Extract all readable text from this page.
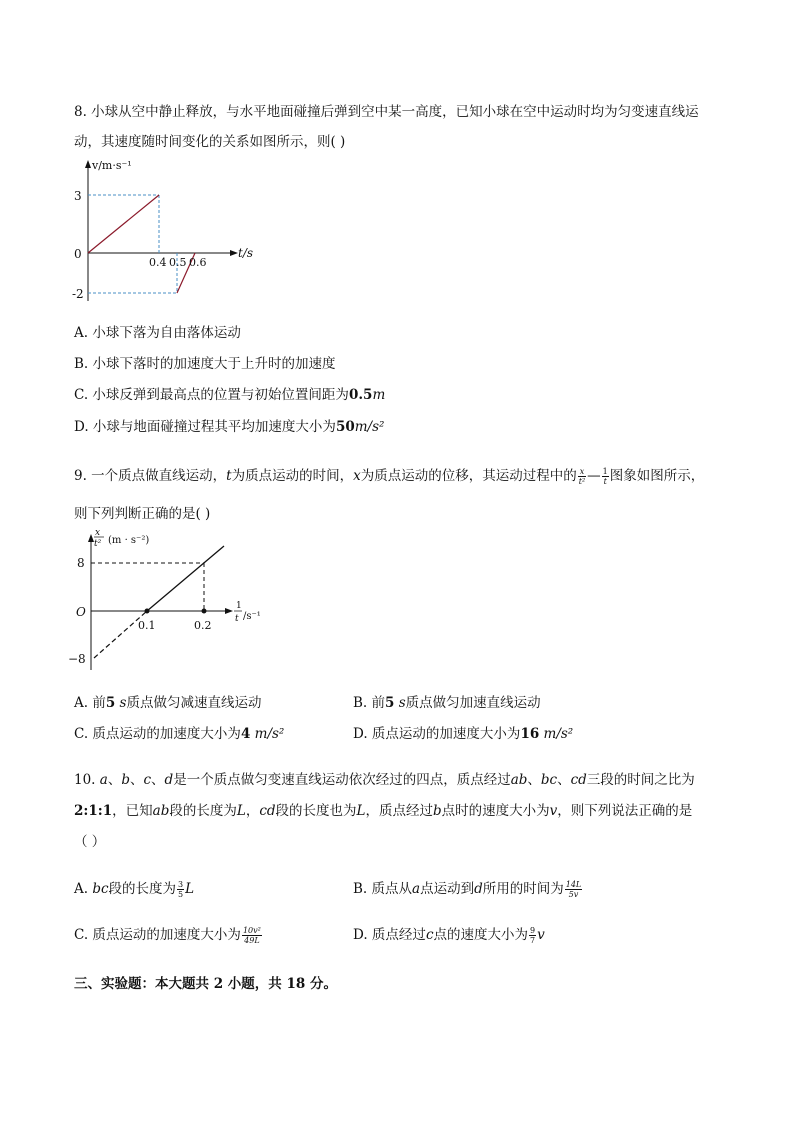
8. 小球从空中静止释放，与水平地面碰撞后弹到空中某一高度，已知小球在空中运动时均为匀变速直线运
动，其速度随时间变化的关系如图所示，则( )
v/m·s⁻¹
t/s
3
0
-2
0.4 0.5 0.6
A. 小球下落为自由落体运动
B. 小球下落时的加速度大于上升时的加速度
C. 小球反弹到最高点的位置与初始位置间距为0.5m
D. 小球与地面碰撞过程其平均加速度大小为50m/s²
9. 一个质点做直线运动，t为质点运动的时间，x为质点运动的位移，其运动过程中的 $\frac{x}{\text{t²}}$ — $\frac{1}{t}$ 图象如图所示，
则下列判断正确的是( )
x
t² (m · s⁻²)
1
t /s⁻¹
8
O
−8
0.1	0.2
A. 前5 s质点做匀减速直线运动	B. 前5 s质点做匀加速直线运动
C. 质点运动的加速度大小为4 m/s²	D. 质点运动的加速度大小为16 m/s²
10. a、b、c、d是一个质点做匀变速直线运动依次经过的四点，质点经过ab、bc、cd三段的时间之比为
2:1:1，已知ab段的长度为L，cd段的长度也为L，质点经过b点时的速度大小为v，则下列说法正确的是
（ ）
A. bc段的长度为 $\frac{3}{5}$ L	B. 质点从a点运动到d所用的时间为 $\frac{14L}{5v}$
C. 质点运动的加速度大小为 $\frac{\text{10v²}}{49L}$	D. 质点经过c点的速度大小为 $\frac{9}{7}$ v
三、实验题：本大题共 2 小题，共 18 分。
